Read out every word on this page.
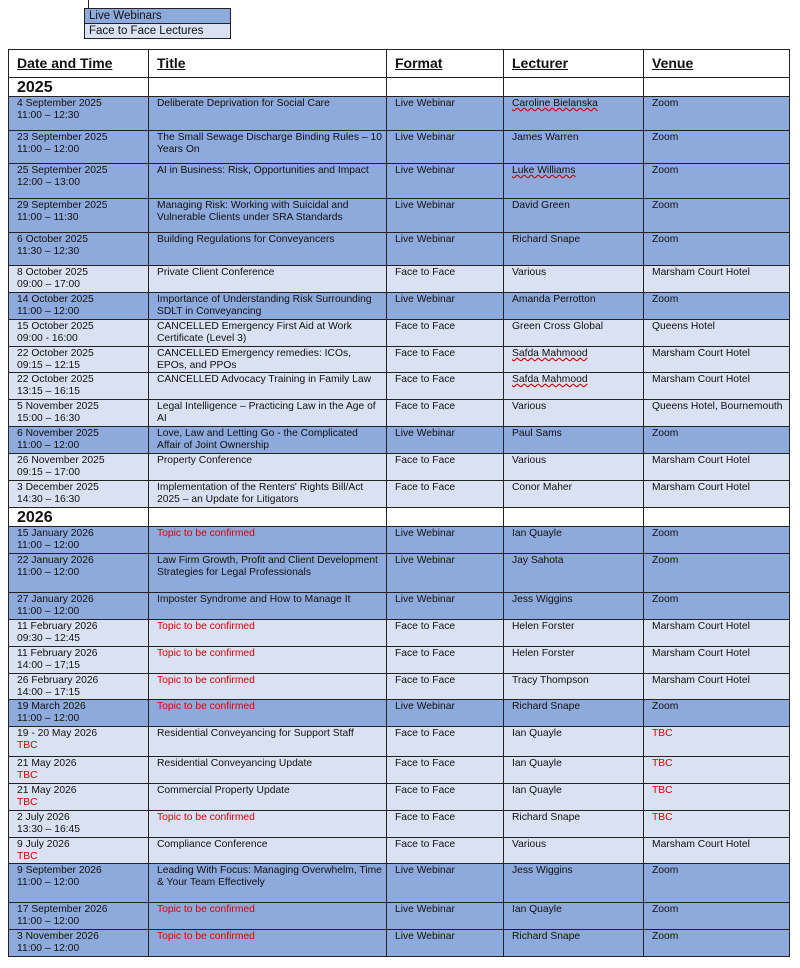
Live Webinars
Face to Face Lectures
Date and Time	Title	Format	Lecturer	Venue
2025				

4 September 2025
11:00 – 12:30	Deliberate Deprivation for Social Care	Live Webinar	Caroline Bielanska	Zoom

23 September 2025
11:00 – 12:00	The Small Sewage Discharge Binding Rules – 10 Years On	Live Webinar	James Warren	Zoom

25 September 2025
12:00 – 13:00	AI in Business: Risk, Opportunities and Impact	Live Webinar	Luke Williams	Zoom

29 September 2025
11:00 – 11:30	Managing Risk: Working with Suicidal and Vulnerable Clients under SRA Standards	Live Webinar	David Green	Zoom

6 October 2025
11:30 – 12:30	Building Regulations for Conveyancers	Live Webinar	Richard Snape	Zoom

8 October 2025
09:00 – 17:00	Private Client Conference	Face to Face	Various	Marsham Court Hotel

14 October 2025
11:00 – 12:00	Importance of Understanding Risk Surrounding SDLT in Conveyancing	Live Webinar	Amanda Perrotton	Zoom

15 October 2025
09:00 - 16:00	CANCELLED Emergency First Aid at Work Certificate (Level 3)	Face to Face	Green Cross Global	Queens Hotel

22 October 2025
09:15 – 12:15	CANCELLED Emergency remedies: ICOs, EPOs, and PPOs	Face to Face	Safda Mahmood	Marsham Court Hotel

22 October 2025
13:15 – 16:15	CANCELLED Advocacy Training in Family Law	Face to Face	Safda Mahmood	Marsham Court Hotel

5 November 2025
15:00 – 16:30	Legal Intelligence – Practicing Law in the Age of AI	Face to Face	Various	Queens Hotel, Bournemouth

6 November 2025
11:00 – 12:00	Love, Law and Letting Go - the Complicated Affair of Joint Ownership	Live Webinar	Paul Sams	Zoom

26 November 2025
09:15 – 17:00	Property Conference	Face to Face	Various	Marsham Court Hotel

3 December 2025
14:30 – 16:30	Implementation of the Renters' Rights Bill/Act 2025 – an Update for Litigators	Face to Face	Conor Maher	Marsham Court Hotel
2026				

15 January 2026
11:00 – 12:00	Topic to be confirmed	Live Webinar	Ian Quayle	Zoom

22 January 2026
11:00 – 12:00	Law Firm Growth, Profit and Client Development Strategies for Legal Professionals	Live Webinar	Jay Sahota	Zoom

27 January 2026
11:00 – 12:00	Imposter Syndrome and How to Manage It	Live Webinar	Jess Wiggins	Zoom

11 February 2026
09:30 – 12:45	Topic to be confirmed	Face to Face	Helen Forster	Marsham Court Hotel

11 February 2026
14:00 – 17;15	Topic to be confirmed	Face to Face	Helen Forster	Marsham Court Hotel

26 February 2026
14:00 – 17:15	Topic to be confirmed	Face to Face	Tracy Thompson	Marsham Court Hotel

19 March 2026
11:00 – 12:00	Topic to be confirmed	Live Webinar	Richard Snape	Zoom

19 - 20 May 2026
TBC	Residential Conveyancing for Support Staff	Face to Face	Ian Quayle	TBC

21 May 2026
TBC	Residential Conveyancing Update	Face to Face	Ian Quayle	TBC

21 May 2026
TBC	Commercial Property Update	Face to Face	Ian Quayle	TBC

2 July 2026
13:30 – 16:45	Topic to be confirmed	Face to Face	Richard Snape	TBC

9 July 2026
TBC	Compliance Conference	Face to Face	Various	Marsham Court Hotel

9 September 2026
11:00 – 12:00	Leading With Focus: Managing Overwhelm, Time & Your Team Effectively	Live Webinar	Jess Wiggins	Zoom

17 September 2026
11:00 – 12:00	Topic to be confirmed	Live Webinar	Ian Quayle	Zoom

3 November 2026
11:00 – 12:00	Topic to be confirmed	Live Webinar	Richard Snape	Zoom
